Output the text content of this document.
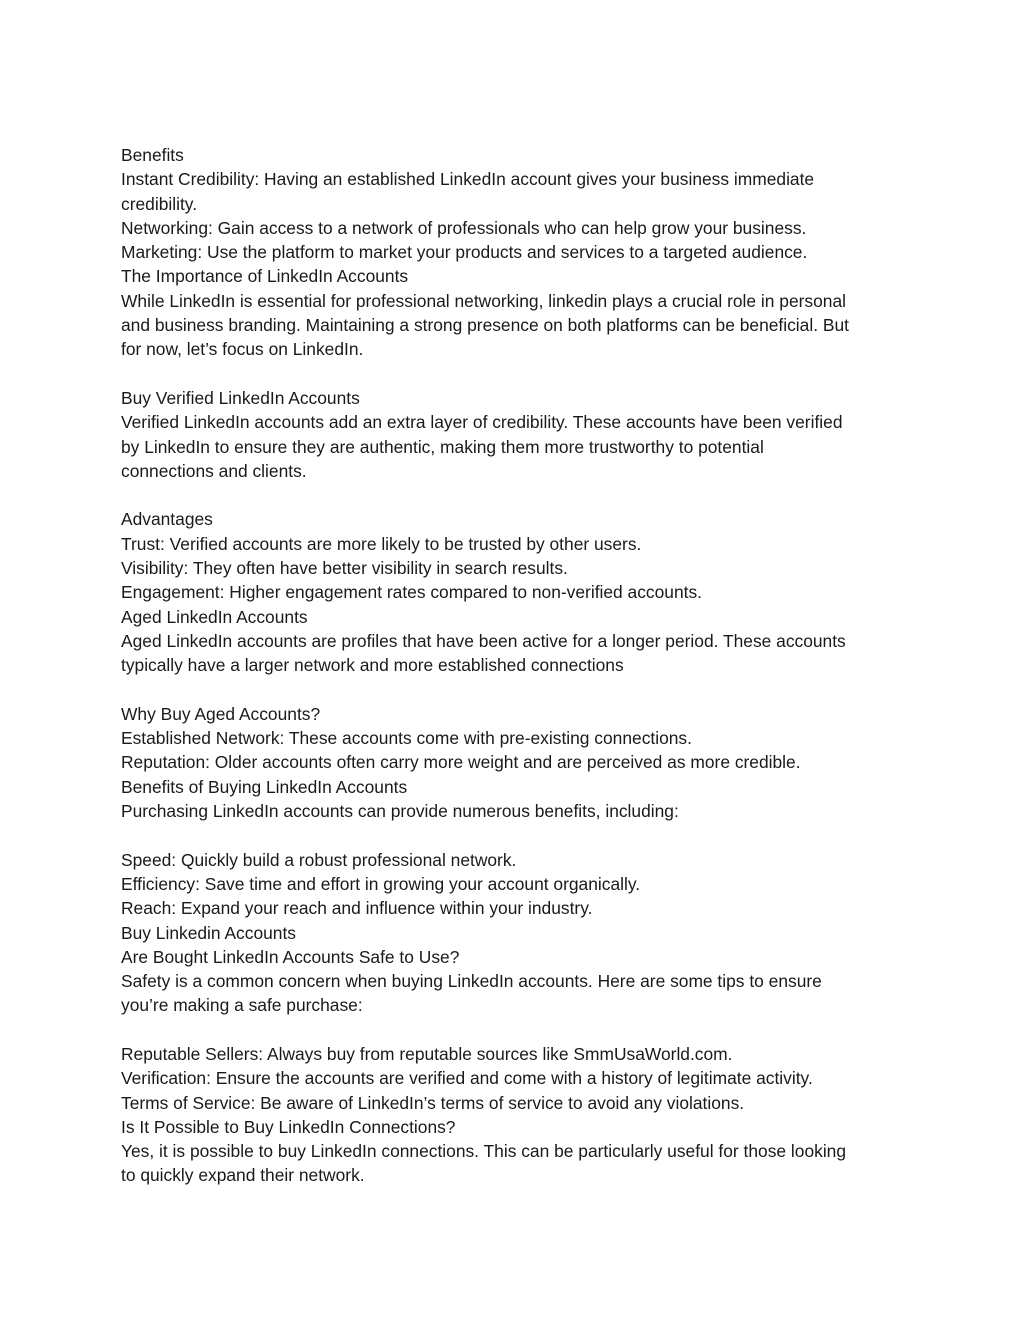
Benefits
Instant Credibility: Having an established LinkedIn account gives your business immediate
credibility.
Networking: Gain access to a network of professionals who can help grow your business.
Marketing: Use the platform to market your products and services to a targeted audience.
The Importance of LinkedIn Accounts
While LinkedIn is essential for professional networking, linkedin plays a crucial role in personal
and business branding. Maintaining a strong presence on both platforms can be beneficial. But
for now, let’s focus on LinkedIn.
Buy Verified LinkedIn Accounts
Verified LinkedIn accounts add an extra layer of credibility. These accounts have been verified
by LinkedIn to ensure they are authentic, making them more trustworthy to potential
connections and clients.
Advantages
Trust: Verified accounts are more likely to be trusted by other users.
Visibility: They often have better visibility in search results.
Engagement: Higher engagement rates compared to non-verified accounts.
Aged LinkedIn Accounts
Aged LinkedIn accounts are profiles that have been active for a longer period. These accounts
typically have a larger network and more established connections
Why Buy Aged Accounts?
Established Network: These accounts come with pre-existing connections.
Reputation: Older accounts often carry more weight and are perceived as more credible.
Benefits of Buying LinkedIn Accounts
Purchasing LinkedIn accounts can provide numerous benefits, including:
Speed: Quickly build a robust professional network.
Efficiency: Save time and effort in growing your account organically.
Reach: Expand your reach and influence within your industry.
Buy Linkedin Accounts
Are Bought LinkedIn Accounts Safe to Use?
Safety is a common concern when buying LinkedIn accounts. Here are some tips to ensure
you’re making a safe purchase:
Reputable Sellers: Always buy from reputable sources like SmmUsaWorld.com.
Verification: Ensure the accounts are verified and come with a history of legitimate activity.
Terms of Service: Be aware of LinkedIn’s terms of service to avoid any violations.
Is It Possible to Buy LinkedIn Connections?
Yes, it is possible to buy LinkedIn connections. This can be particularly useful for those looking
to quickly expand their network.
